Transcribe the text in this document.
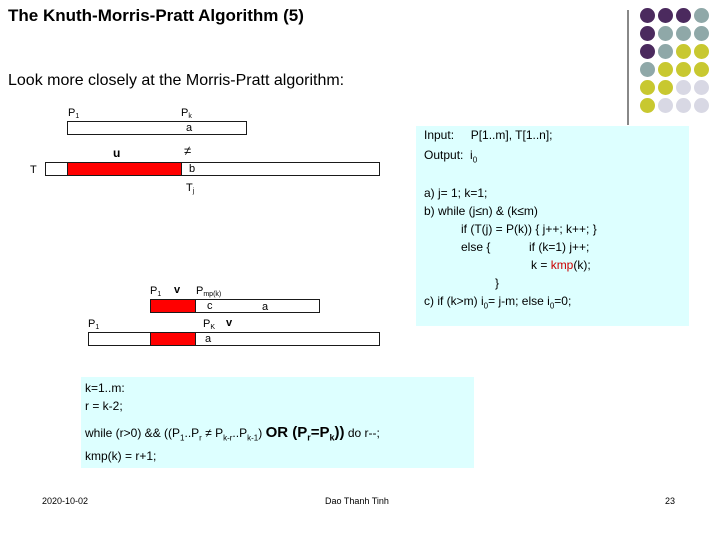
The Knuth-Morris-Pratt Algorithm (5)
Look more closely at the Morris-Pratt algorithm:
$P_1$	$P_k$
a
u	≠
T	b
$T_j$
$P_1$ v $P_{mp(k)}$
c	a
$P_1$	$P_K$ v
a
Input: P[1..m], T[1..n];
Output: $i_0$
a) j= 1; k=1;
b) while (j≤n) & (k≤m)
if (T(j) = P(k)) { j++; k++; }
else {	if (k=1) j++;
k = kmp(k);
}
c) if (k>m) $i_0= j-m$; else $i_0=0$;
k=1..m:
r = k-2;
while (r>0) && ($(P_1..P_r \ne P_{k-r}..P_{k-1})$ OR $(P_r=P_k)$) do r--;
kmp(k) = r+1;
2020-10-02	Dao Thanh Tinh	23
